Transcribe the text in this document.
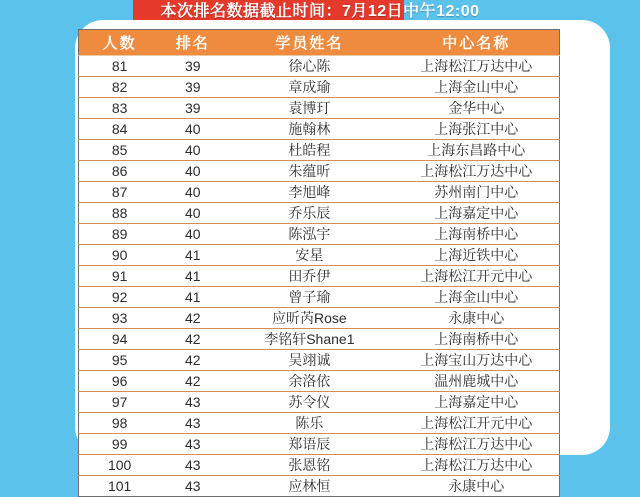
本次排名数据截止时间：7月12日中午12:00
人数	排名	学员姓名	中心名称
81	39	徐心陈	上海松江万达中心
82	39	章成瑜	上海金山中心
83	39	袁博玎	金华中心
84	40	施翰林	上海张江中心
85	40	杜皓程	上海东昌路中心
86	40	朱蕴昕	上海松江万达中心
87	40	李旭峰	苏州南门中心
88	40	乔乐辰	上海嘉定中心
89	40	陈泓宇	上海南桥中心
90	41	安星	上海近铁中心
91	41	田乔伊	上海松江开元中心
92	41	曾子瑜	上海金山中心
93	42	应昕芮Rose	永康中心
94	42	李铭轩Shane1	上海南桥中心
95	42	吴翊诚	上海宝山万达中心
96	42	余洛依	温州鹿城中心
97	43	苏令仪	上海嘉定中心
98	43	陈乐	上海松江开元中心
99	43	郑语辰	上海松江万达中心
100	43	张恩铭	上海松江万达中心
101	43	应林恒	永康中心
